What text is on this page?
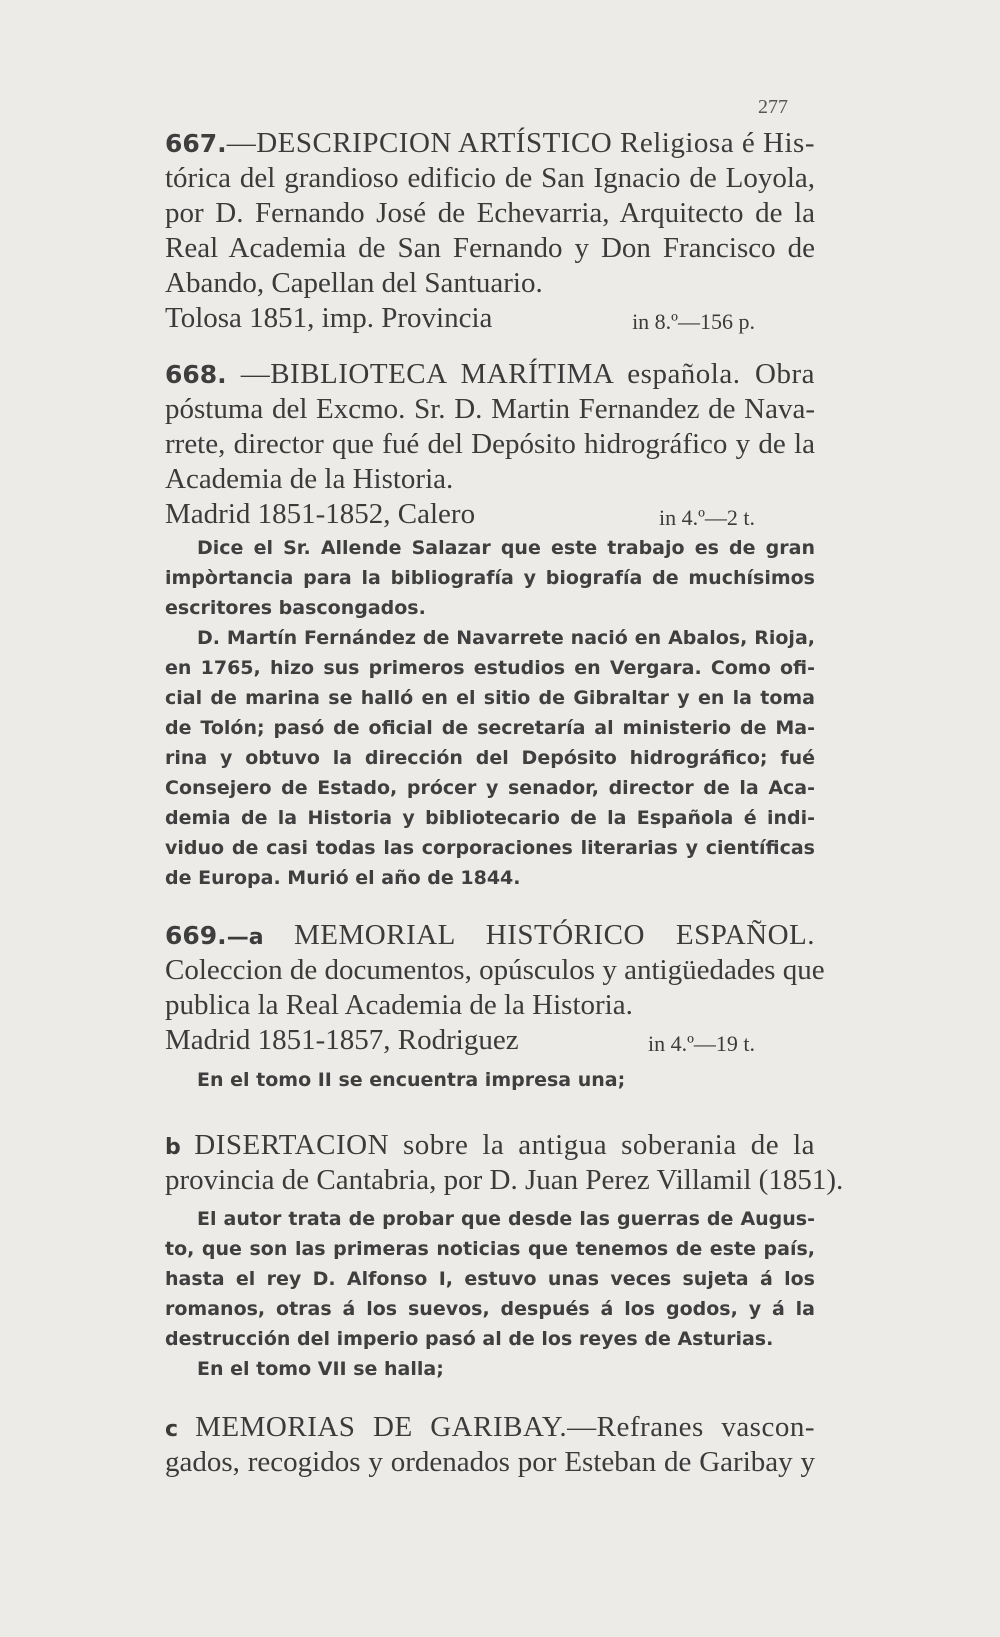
277
667.—DESCRIPCION ARTÍSTICO Religiosa é His-
tórica del grandioso edificio de San Ignacio de Loyola,
por D. Fernando José de Echevarria, Arquitecto de la
Real Academia de San Fernando y Don Francisco de
Abando, Capellan del Santuario.
Tolosa 1851, imp. Provincia	in 8.º—156 p.
668. —BIBLIOTECA MARÍTIMA española. Obra
póstuma del Excmo. Sr. D. Martin Fernandez de Nava-
rrete, director que fué del Depósito hidrográfico y de la
Academia de la Historia.
Madrid 1851-1852, Calero	in 4.º—2 t.
Dice el Sr. Allende Salazar que este trabajo es de gran
impòrtancia para la bibliografía y biografía de muchísimos
escritores bascongados.
D. Martín Fernández de Navarrete nació en Abalos, Rioja,
en 1765, hizo sus primeros estudios en Vergara. Como ofi-
cial de marina se halló en el sitio de Gibraltar y en la toma
de Tolón; pasó de oficial de secretaría al ministerio de Ma-
rina y obtuvo la dirección del Depósito hidrográfico; fué
Consejero de Estado, prócer y senador, director de la Aca-
demia de la Historia y bibliotecario de la Española é indi-
viduo de casi todas las corporaciones literarias y científicas
de Europa. Murió el año de 1844.
669.—a MEMORIAL HISTÓRICO ESPAÑOL.
Coleccion de documentos, opúsculos y antigüedades que
publica la Real Academia de la Historia.
Madrid 1851-1857, Rodriguez	in 4.º—19 t.
En el tomo II se encuentra impresa una;
b DISERTACION sobre la antigua soberania de la
provincia de Cantabria, por D. Juan Perez Villamil (1851).
El autor trata de probar que desde las guerras de Augus-
to, que son las primeras noticias que tenemos de este país,
hasta el rey D. Alfonso I, estuvo unas veces sujeta á los
romanos, otras á los suevos, después á los godos, y á la
destrucción del imperio pasó al de los reyes de Asturias.
En el tomo VII se halla;
c MEMORIAS DE GARIBAY.—Refranes vascon-
gados, recogidos y ordenados por Esteban de Garibay y
